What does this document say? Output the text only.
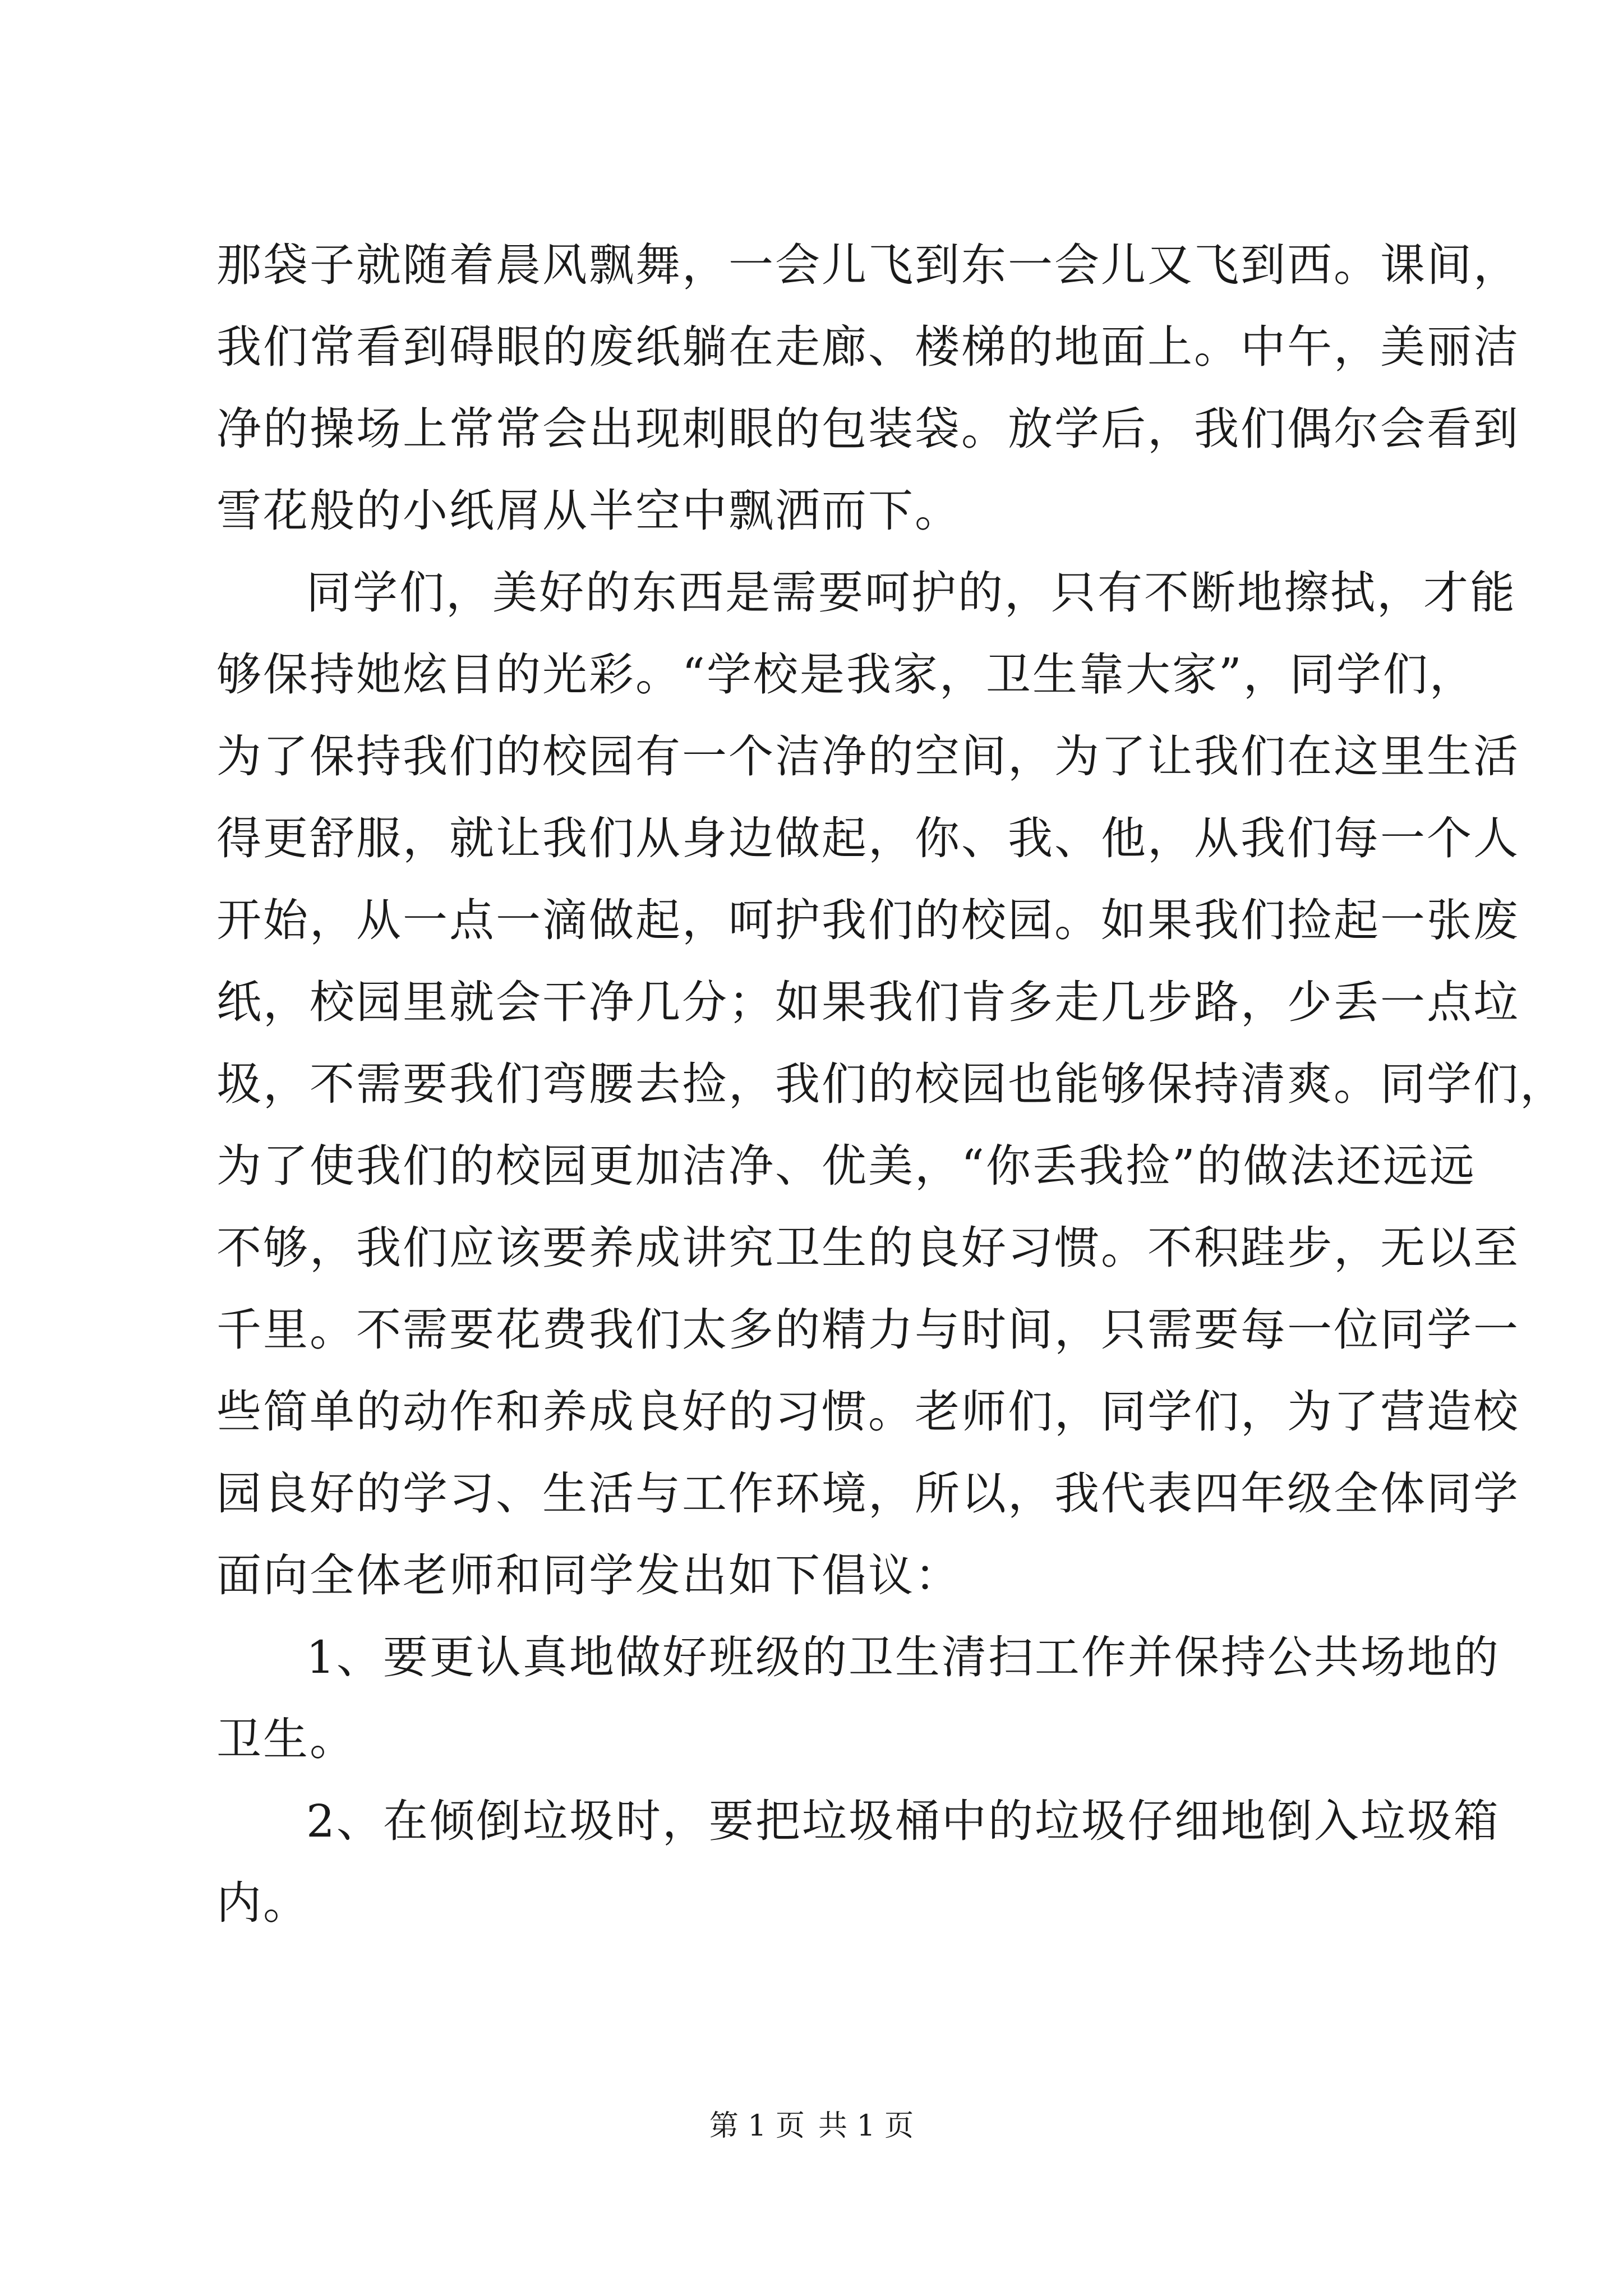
那袋子就随着晨风飘舞，一会儿飞到东一会儿又飞到西。课间，
我们常看到碍眼的废纸躺在走廊、楼梯的地面上。中午，美丽洁
净的操场上常常会出现刺眼的包装袋。放学后，我们偶尔会看到
雪花般的小纸屑从半空中飘洒而下。
同学们，美好的东西是需要呵护的，只有不断地擦拭，才能
够保持她炫目的光彩。“学校是我家，卫生靠大家”，同学们，
为了保持我们的校园有一个洁净的空间，为了让我们在这里生活
得更舒服，就让我们从身边做起，你、我、他，从我们每一个人
开始，从一点一滴做起，呵护我们的校园。如果我们捡起一张废
纸，校园里就会干净几分；如果我们肯多走几步路，少丢一点垃
圾，不需要我们弯腰去捡，我们的校园也能够保持清爽。同学们，
为了使我们的校园更加洁净、优美，“你丢我捡”的做法还远远
不够，我们应该要养成讲究卫生的良好习惯。不积跬步，无以至
千里。不需要花费我们太多的精力与时间，只需要每一位同学一
些简单的动作和养成良好的习惯。老师们，同学们，为了营造校
园良好的学习、生活与工作环境，所以，我代表四年级全体同学
面向全体老师和同学发出如下倡议：
1、要更认真地做好班级的卫生清扫工作并保持公共场地的
卫生。
2、在倾倒垃圾时，要把垃圾桶中的垃圾仔细地倒入垃圾箱
内。
第 1 页 共 1 页
